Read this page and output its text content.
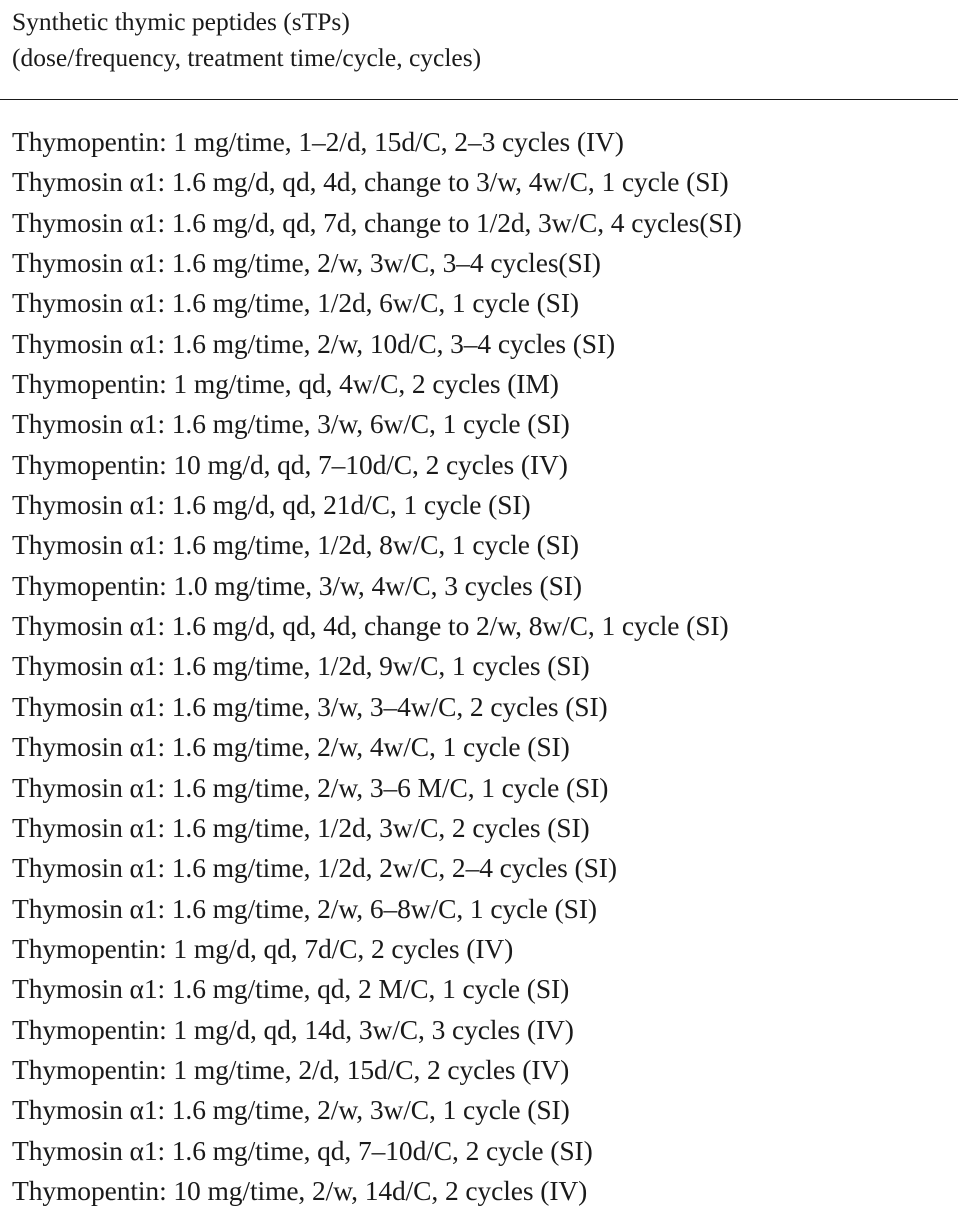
Synthetic thymic peptides (sTPs)
(dose/frequency, treatment time/cycle, cycles)
Thymopentin: 1 mg/time, 1–2/d, 15d/C, 2–3 cycles (IV)
Thymosin α1: 1.6 mg/d, qd, 4d, change to 3/w, 4w/C, 1 cycle (SI)
Thymosin α1: 1.6 mg/d, qd, 7d, change to 1/2d, 3w/C, 4 cycles(SI)
Thymosin α1: 1.6 mg/time, 2/w, 3w/C, 3–4 cycles(SI)
Thymosin α1: 1.6 mg/time, 1/2d, 6w/C, 1 cycle (SI)
Thymosin α1: 1.6 mg/time, 2/w, 10d/C, 3–4 cycles (SI)
Thymopentin: 1 mg/time, qd, 4w/C, 2 cycles (IM)
Thymosin α1: 1.6 mg/time, 3/w, 6w/C, 1 cycle (SI)
Thymopentin: 10 mg/d, qd, 7–10d/C, 2 cycles (IV)
Thymosin α1: 1.6 mg/d, qd, 21d/C, 1 cycle (SI)
Thymosin α1: 1.6 mg/time, 1/2d, 8w/C, 1 cycle (SI)
Thymopentin: 1.0 mg/time, 3/w, 4w/C, 3 cycles (SI)
Thymosin α1: 1.6 mg/d, qd, 4d, change to 2/w, 8w/C, 1 cycle (SI)
Thymosin α1: 1.6 mg/time, 1/2d, 9w/C, 1 cycles (SI)
Thymosin α1: 1.6 mg/time, 3/w, 3–4w/C, 2 cycles (SI)
Thymosin α1: 1.6 mg/time, 2/w, 4w/C, 1 cycle (SI)
Thymosin α1: 1.6 mg/time, 2/w, 3–6 M/C, 1 cycle (SI)
Thymosin α1: 1.6 mg/time, 1/2d, 3w/C, 2 cycles (SI)
Thymosin α1: 1.6 mg/time, 1/2d, 2w/C, 2–4 cycles (SI)
Thymosin α1: 1.6 mg/time, 2/w, 6–8w/C, 1 cycle (SI)
Thymopentin: 1 mg/d, qd, 7d/C, 2 cycles (IV)
Thymosin α1: 1.6 mg/time, qd, 2 M/C, 1 cycle (SI)
Thymopentin: 1 mg/d, qd, 14d, 3w/C, 3 cycles (IV)
Thymopentin: 1 mg/time, 2/d, 15d/C, 2 cycles (IV)
Thymosin α1: 1.6 mg/time, 2/w, 3w/C, 1 cycle (SI)
Thymosin α1: 1.6 mg/time, qd, 7–10d/C, 2 cycle (SI)
Thymopentin: 10 mg/time, 2/w, 14d/C, 2 cycles (IV)
